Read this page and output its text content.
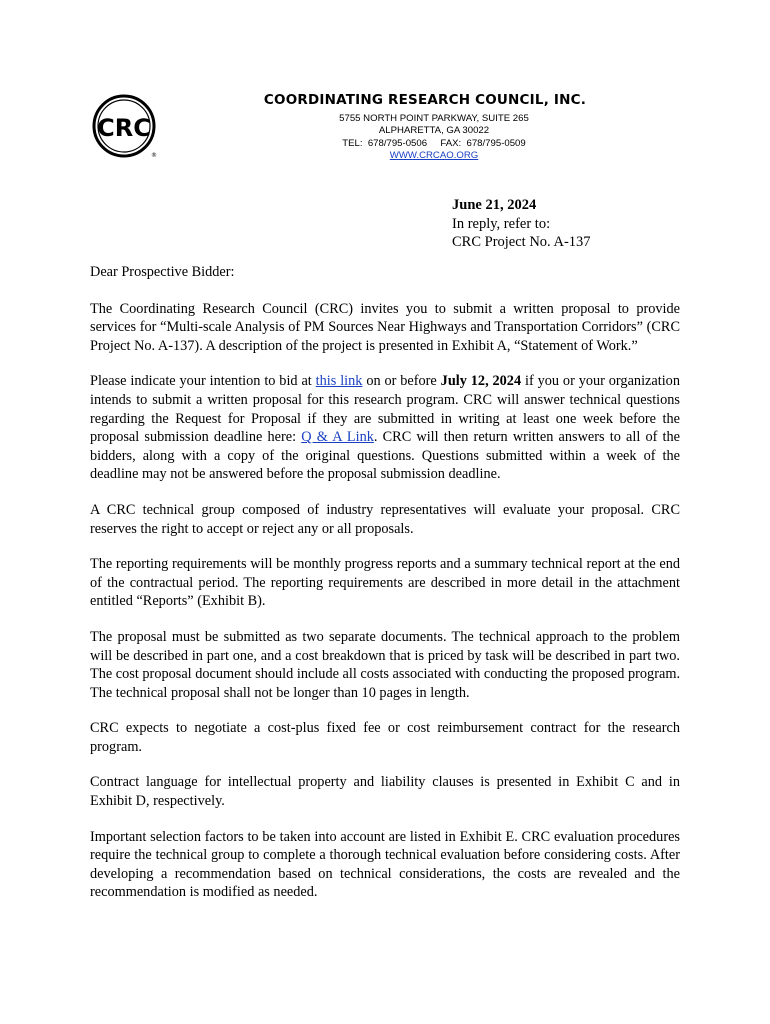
CRC
®
COORDINATING RESEARCH COUNCIL, INC.
5755 NORTH POINT PARKWAY, SUITE 265
ALPHARETTA, GA 30022
TEL:  678/795-0506     FAX:  678/795-0509
WWW.CRCAO.ORG
June 21, 2024
In reply, refer to:
CRC Project No. A-137

Dear Prospective Bidder:

The Coordinating Research Council (CRC) invites you to submit a written proposal to provide services for “Multi-scale Analysis of PM Sources Near Highways and Transportation Corridors” (CRC Project No. A-137). A description of the project is presented in Exhibit A, “Statement of Work.”

Please indicate your intention to bid at this link on or before July 12, 2024 if you or your organization intends to submit a written proposal for this research program. CRC will answer technical questions regarding the Request for Proposal if they are submitted in writing at least one week before the proposal submission deadline here: Q & A Link. CRC will then return written answers to all of the bidders, along with a copy of the original questions. Questions submitted within a week of the deadline may not be answered before the proposal submission deadline.

A CRC technical group composed of industry representatives will evaluate your proposal. CRC reserves the right to accept or reject any or all proposals.

The reporting requirements will be monthly progress reports and a summary technical report at the end of the contractual period. The reporting requirements are described in more detail in the attachment entitled “Reports” (Exhibit B).

The proposal must be submitted as two separate documents. The technical approach to the problem will be described in part one, and a cost breakdown that is priced by task will be described in part two. The cost proposal document should include all costs associated with conducting the proposed program. The technical proposal shall not be longer than 10 pages in length.

CRC expects to negotiate a cost-plus fixed fee or cost reimbursement contract for the research program.

Contract language for intellectual property and liability clauses is presented in Exhibit C and in Exhibit D, respectively.

Important selection factors to be taken into account are listed in Exhibit E. CRC evaluation procedures require the technical group to complete a thorough technical evaluation before considering costs. After developing a recommendation based on technical considerations, the costs are revealed and the recommendation is modified as needed.
